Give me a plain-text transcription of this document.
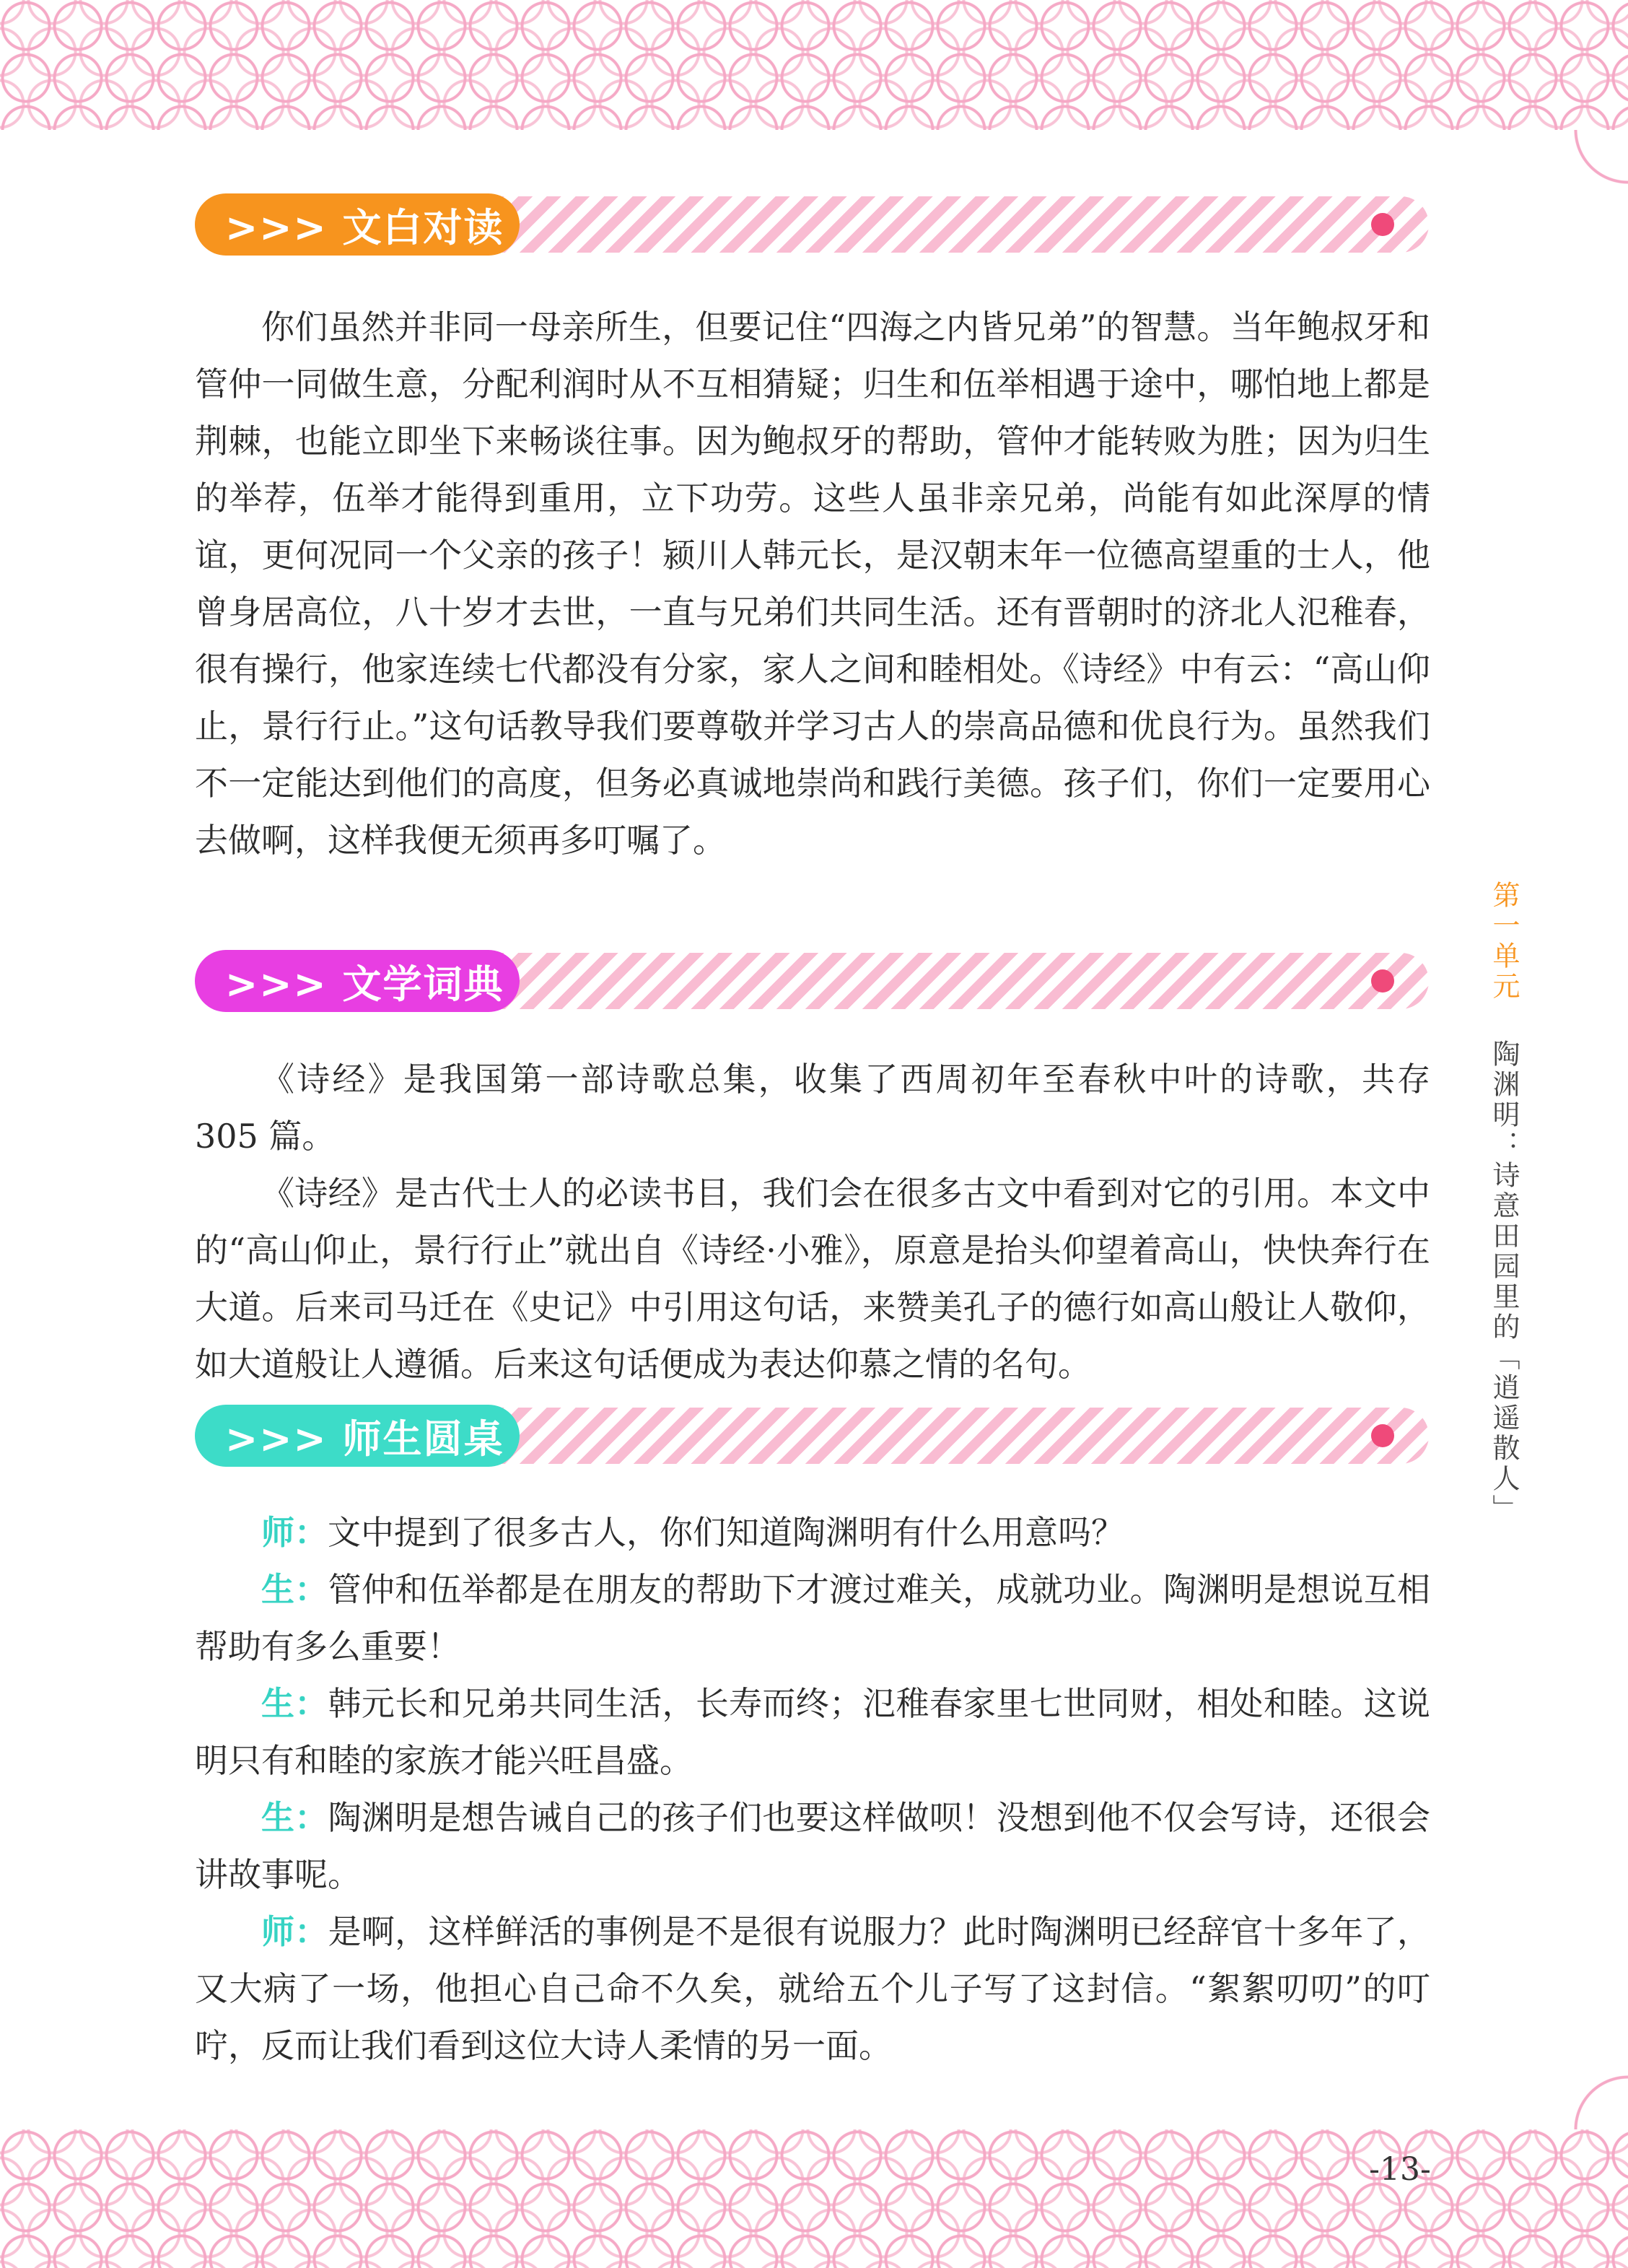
>>> 文白对读

你们虽然并非同一母亲所生，但要记住“四海之内皆兄弟”的智慧。当年鲍叔牙和管仲一同做生意，分配利润时从不互相猜疑；归生和伍举相遇于途中，哪怕地上都是荆棘，也能立即坐下来畅谈往事。因为鲍叔牙的帮助，管仲才能转败为胜；因为归生的举荐，伍举才能得到重用，立下功劳。这些人虽非亲兄弟，尚能有如此深厚的情谊，更何况同一个父亲的孩子！颍川人韩元长，是汉朝末年一位德高望重的士人，他曾身居高位，八十岁才去世，一直与兄弟们共同生活。还有晋朝时的济北人氾稚春，很有操行，他家连续七代都没有分家，家人之间和睦相处。《诗经》中有云：“高山仰止，景行行止。”这句话教导我们要尊敬并学习古人的崇高品德和优良行为。虽然我们不一定能达到他们的高度，但务必真诚地崇尚和践行美德。孩子们，你们一定要用心去做啊，这样我便无须再多叮嘱了。

>>> 文学词典

《诗经》是我国第一部诗歌总集，收集了西周初年至春秋中叶的诗歌，共存 305 篇。

《诗经》是古代士人的必读书目，我们会在很多古文中看到对它的引用。本文中的“高山仰止，景行行止”就出自《诗经·小雅》，原意是抬头仰望着高山，快快奔行在大道。后来司马迁在《史记》中引用这句话，来赞美孔子的德行如高山般让人敬仰，如大道般让人遵循。后来这句话便成为表达仰慕之情的名句。

>>> 师生圆桌

师：文中提到了很多古人，你们知道陶渊明有什么用意吗？

生：管仲和伍举都是在朋友的帮助下才渡过难关，成就功业。陶渊明是想说互相帮助有多么重要！

生：韩元长和兄弟共同生活，长寿而终；氾稚春家里七世同财，相处和睦。这说明只有和睦的家族才能兴旺昌盛。

生：陶渊明是想告诫自己的孩子们也要这样做呗！没想到他不仅会写诗，还很会讲故事呢。

师：是啊，这样鲜活的事例是不是很有说服力？此时陶渊明已经辞官十多年了，又大病了一场，他担心自己命不久矣，就给五个儿子写了这封信。“絮絮叨叨”的叮咛，反而让我们看到这位大诗人柔情的另一面。

第一单元
陶渊明：诗意田园里的「逍遥散人」
-13-
